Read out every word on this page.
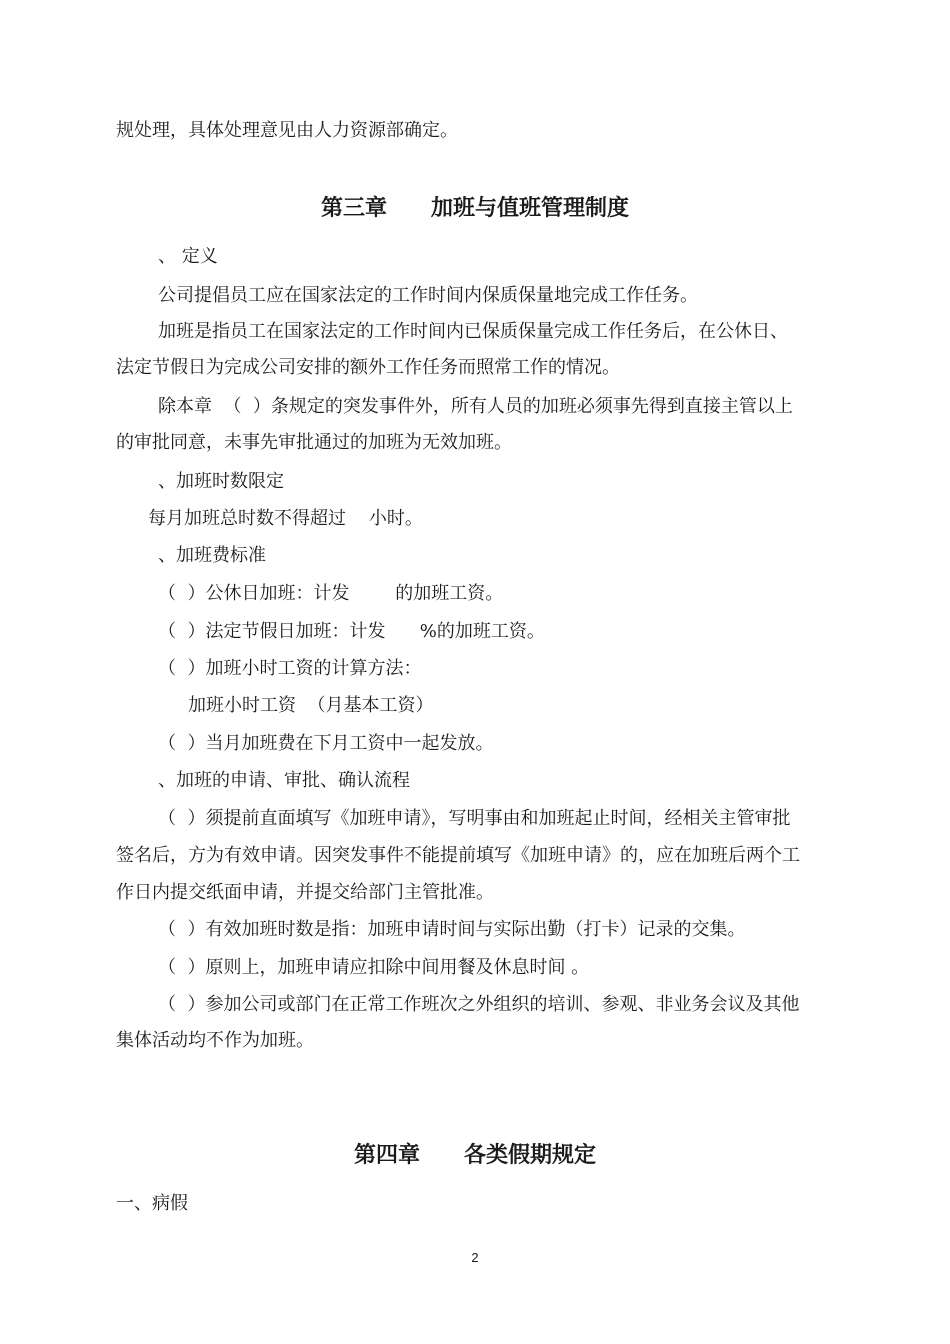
规处理，具体处理意见由人力资源部确定。
第三章　　加班与值班管理制度
、 定义
公司提倡员工应在国家法定的工作时间内保质保量地完成工作任务。
加班是指员工在国家法定的工作时间内已保质保量完成工作任务后，在公休日、
法定节假日为完成公司安排的额外工作任务而照常工作的情况。
除本章  （  ）条规定的突发事件外，所有人员的加班必须事先得到直接主管以上
的审批同意，未事先审批通过的加班为无效加班。
、加班时数限定
每月加班总时数不得超过    小时。
、加班费标准
（  ）公休日加班：计发        的加班工资。
（  ）法定节假日加班：计发      %的加班工资。
（  ）加班小时工资的计算方法：
加班小时工资  （月基本工资）
（  ）当月加班费在下月工资中一起发放。
、加班的申请、审批、确认流程
（  ）须提前直面填写《加班申请》，写明事由和加班起止时间，经相关主管审批
签名后，方为有效申请。因突发事件不能提前填写《加班申请》的，应在加班后两个工
作日内提交纸面申请，并提交给部门主管批准。
（  ）有效加班时数是指：加班申请时间与实际出勤（打卡）记录的交集。
（  ）原则上，加班申请应扣除中间用餐及休息时间 。
（  ）参加公司或部门在正常工作班次之外组织的培训、参观、非业务会议及其他
集体活动均不作为加班。
第四章　　各类假期规定
一、病假
2
